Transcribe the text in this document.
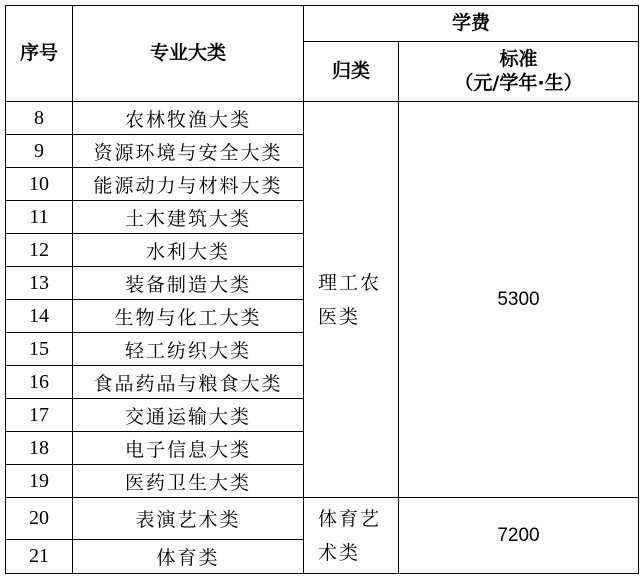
序号	专业大类	学费	
		归类	标准
（元/学年·生）

8	农林牧渔大类	理工农医类	5300
9	资源环境与安全大类		
10	能源动力与材料大类		
11	土木建筑大类		
12	水利大类		
13	装备制造大类		
14	生物与化工大类		
15	轻工纺织大类		
16	食品药品与粮食大类		
17	交通运输大类		
18	电子信息大类		
19	医药卫生大类		
20	表演艺术类	体育艺术类	7200
21	体育类		
